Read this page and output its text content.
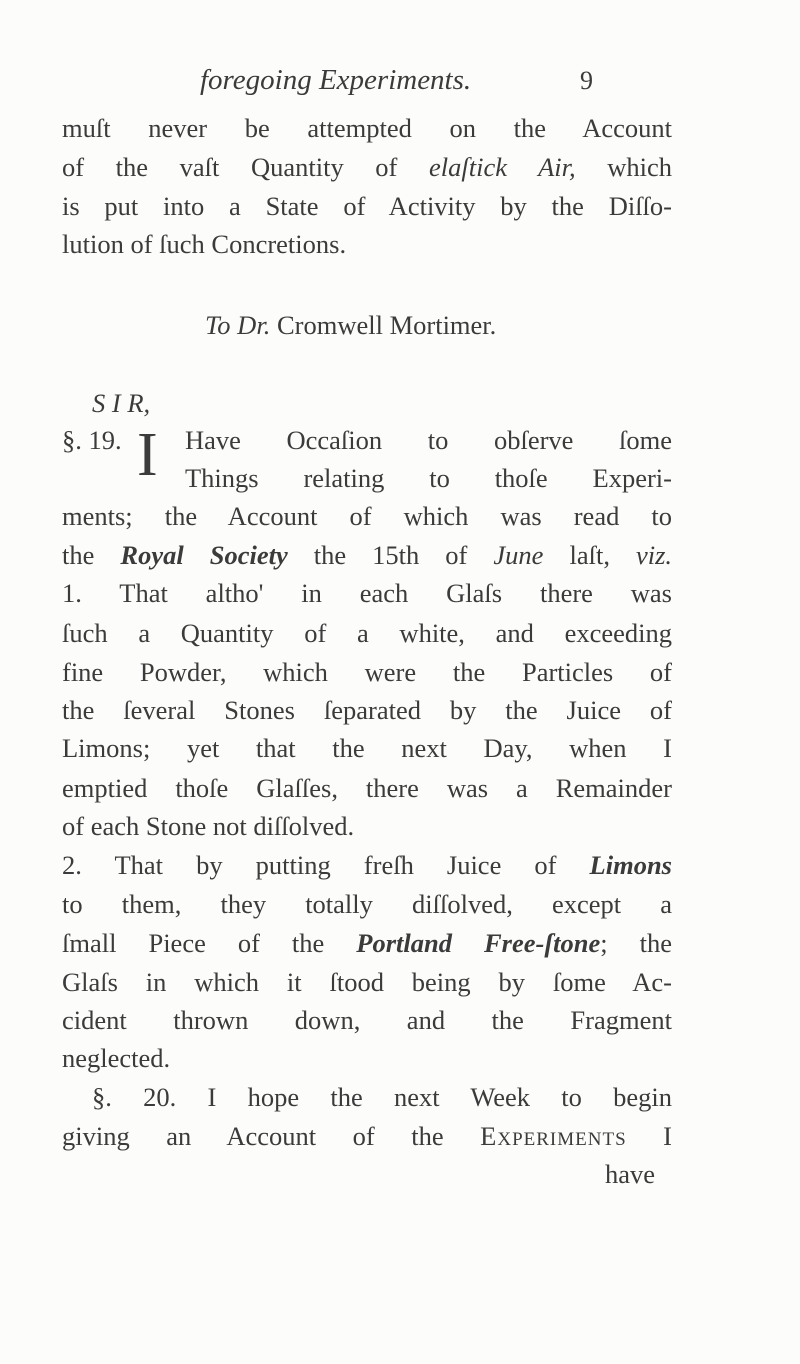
foregoing Experiments.	9
muſt never be attempted on the Account
of the vaſt Quantity of elaſtick Air, which
is put into a State of Activity by the Diſſo-
lution of ſuch Concretions.
To Dr. Cromwell Mortimer.
S I R,
§. 19. I Have Occaſion to obſerve ſome
Things relating to thoſe Experi-
ments; the Account of which was read to
the Royal Society the 15th of June laſt, viz.
1. That altho' in each Glaſs there was
ſuch a Quantity of a white, and exceeding
fine Powder, which were the Particles of
the ſeveral Stones ſeparated by the Juice of
Limons; yet that the next Day, when I
emptied thoſe Glaſſes, there was a Remainder
of each Stone not diſſolved.
2. That by putting freſh Juice of Limons
to them, they totally diſſolved, except a
ſmall Piece of the Portland Free-ſtone; the
Glaſs in which it ſtood being by ſome Ac-
cident thrown down, and the Fragment
neglected.
§. 20. I hope the next Week to begin
giving an Account of the Experiments I
have
